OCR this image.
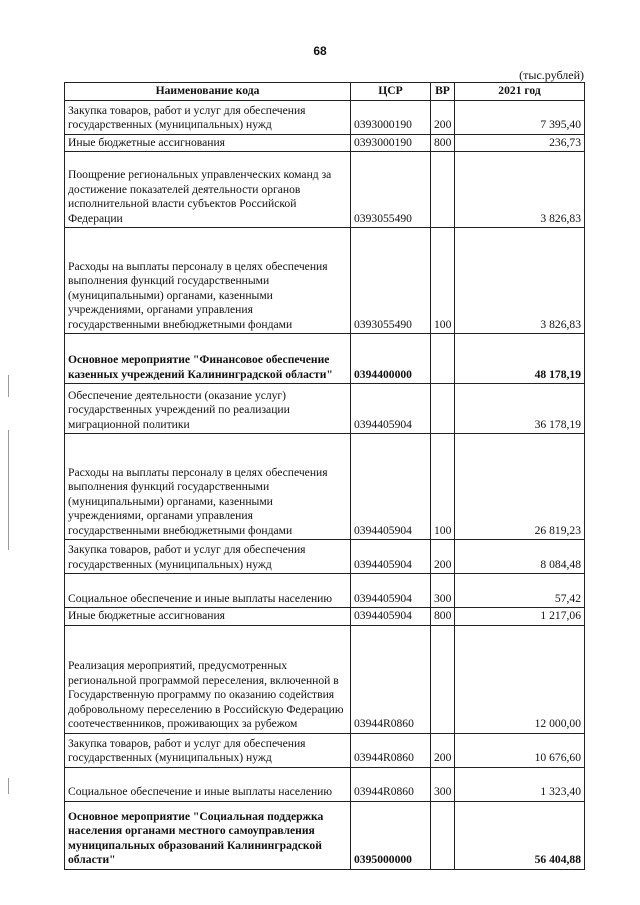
68
(тыс.рублей)
Наименование кода	ЦСР	ВР	2021 год
Закупка товаров, работ и услуг для обеспечения государственных (муниципальных) нужд	0393000190	200	7 395,40
Иные бюджетные ассигнования	0393000190	800	236,73
Поощрение региональных управленческих команд за достижение показателей деятельности органов исполнительной власти субъектов Российской Федерации	0393055490		3 826,83
Расходы на выплаты персоналу в целях обеспечения выполнения функций государственными (муниципальными) органами, казенными учреждениями, органами управления государственными внебюджетными фондами	0393055490	100	3 826,83
Основное мероприятие "Финансовое обеспечение казенных учреждений Калининградской области"	0394400000		48 178,19
Обеспечение деятельности (оказание услуг) государственных учреждений по реализации миграционной политики	0394405904		36 178,19
Расходы на выплаты персоналу в целях обеспечения выполнения функций государственными (муниципальными) органами, казенными учреждениями, органами управления государственными внебюджетными фондами	0394405904	100	26 819,23
Закупка товаров, работ и услуг для обеспечения государственных (муниципальных) нужд	0394405904	200	8 084,48
Социальное обеспечение и иные выплаты населению	0394405904	300	57,42
Иные бюджетные ассигнования	0394405904	800	1 217,06
Реализация мероприятий, предусмотренных региональной программой переселения, включенной в Государственную программу по оказанию содействия добровольному переселению в Российскую Федерацию соотечественников, проживающих за рубежом	03944R0860		12 000,00
Закупка товаров, работ и услуг для обеспечения государственных (муниципальных) нужд	03944R0860	200	10 676,60
Социальное обеспечение и иные выплаты населению	03944R0860	300	1 323,40
Основное мероприятие "Социальная поддержка населения органами местного самоуправления муниципальных образований Калининградской области"	0395000000		56 404,88
